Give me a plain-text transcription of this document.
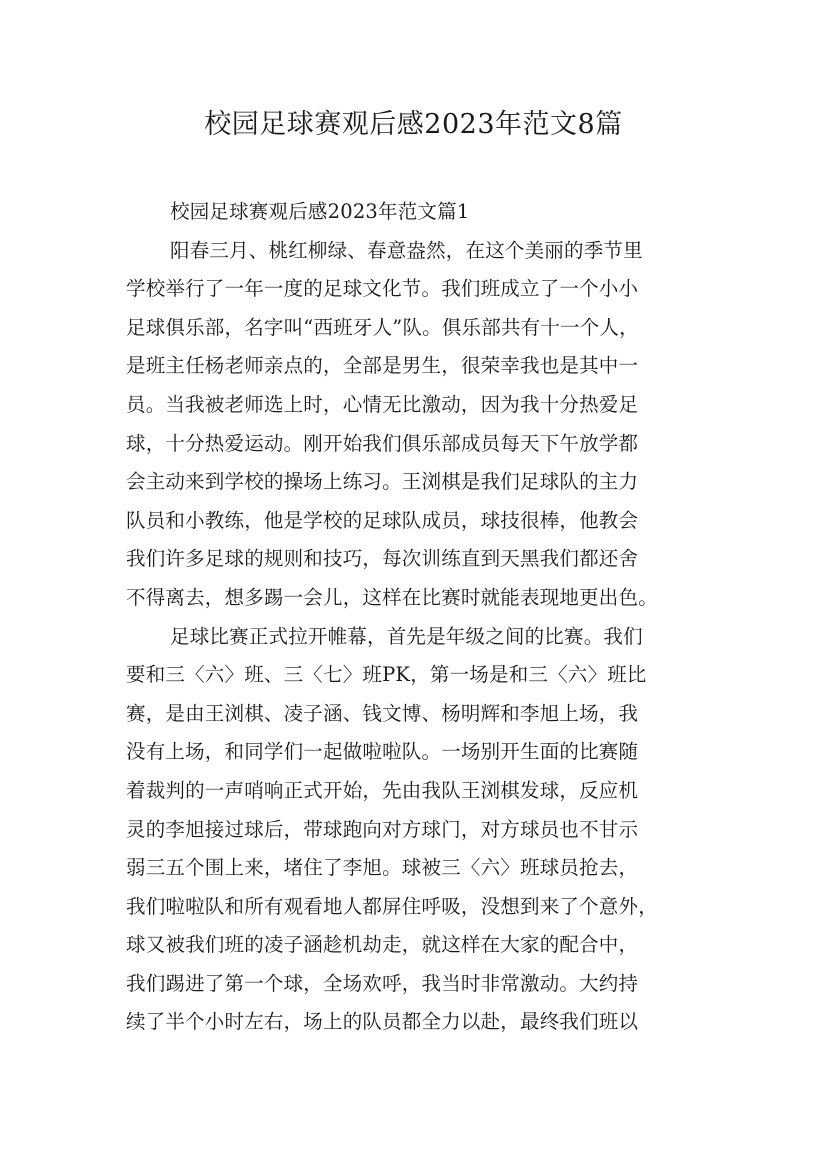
校园足球赛观后感2023年范文8篇
校园足球赛观后感2023年范文篇1
阳春三月、桃红柳绿、春意盎然，在这个美丽的季节里
学校举行了一年一度的足球文化节。我们班成立了一个小小
足球俱乐部，名字叫“西班牙人”队。俱乐部共有十一个人，
是班主任杨老师亲点的，全部是男生，很荣幸我也是其中一
员。当我被老师选上时，心情无比激动，因为我十分热爱足
球，十分热爱运动。刚开始我们俱乐部成员每天下午放学都
会主动来到学校的操场上练习。王浏棋是我们足球队的主力
队员和小教练，他是学校的足球队成员，球技很棒，他教会
我们许多足球的规则和技巧，每次训练直到天黑我们都还舍
不得离去，想多踢一会儿，这样在比赛时就能表现地更出色。
足球比赛正式拉开帷幕，首先是年级之间的比赛。我们
要和三〈六〉班、三〈七〉班PK，第一场是和三〈六〉班比
赛，是由王浏棋、凌子涵、钱文博、杨明辉和李旭上场，我
没有上场，和同学们一起做啦啦队。一场别开生面的比赛随
着裁判的一声哨响正式开始，先由我队王浏棋发球，反应机
灵的李旭接过球后，带球跑向对方球门，对方球员也不甘示
弱三五个围上来，堵住了李旭。球被三〈六〉班球员抢去，
我们啦啦队和所有观看地人都屏住呼吸，没想到来了个意外，
球又被我们班的凌子涵趁机劫走，就这样在大家的配合中，
我们踢进了第一个球，全场欢呼，我当时非常激动。大约持
续了半个小时左右，场上的队员都全力以赴，最终我们班以
